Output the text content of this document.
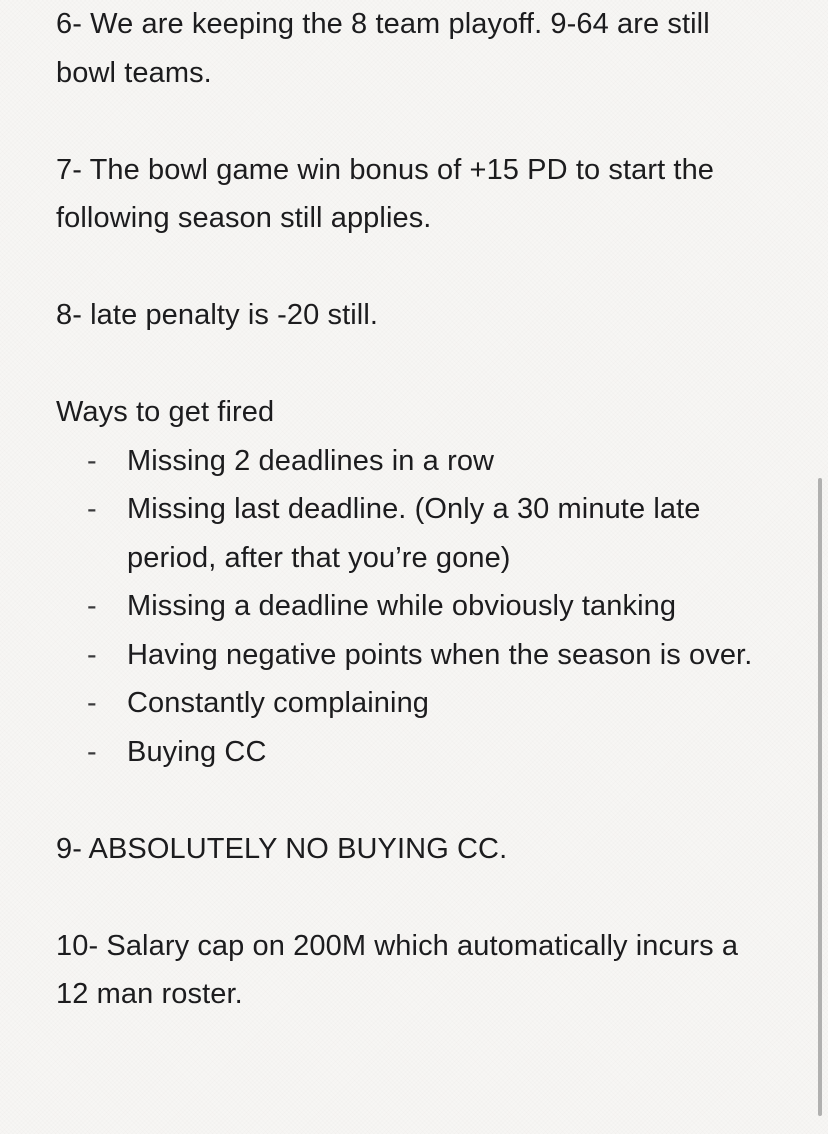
6- We are keeping the 8 team playoff. 9-64 are still bowl teams.

7- The bowl game win bonus of +15 PD to start the following season still applies.

8- late penalty is -20 still.

Ways to get fired

- Missing 2 deadlines in a row
- Missing last deadline. (Only a 30 minute late period, after that you’re gone)
- Missing a deadline while obviously tanking
- Having negative points when the season is over.
- Constantly complaining
- Buying CC

9- ABSOLUTELY NO BUYING CC.

10- Salary cap on 200M which automatically incurs a 12 man roster.
